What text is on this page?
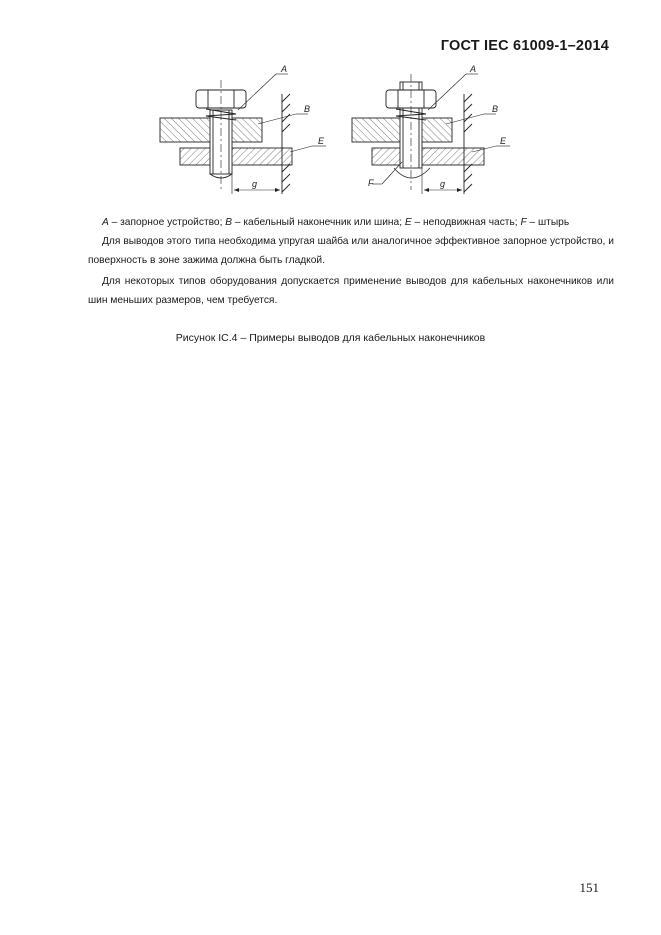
ГОСТ IEC 61009-1–2014
A
B
E
g
A
B
E
F	g
A – запорное устройство; B – кабельный наконечник или шина; E – неподвижная часть; F – штырь
Для выводов этого типа необходима упругая шайба или аналогичное эффективное запорное устройство, и поверхность в зоне зажима должна быть гладкой.
Для некоторых типов оборудования допускается применение выводов для кабельных наконечников или шин меньших размеров, чем требуется.
Рисунок IC.4 – Примеры выводов для кабельных наконечников
151
